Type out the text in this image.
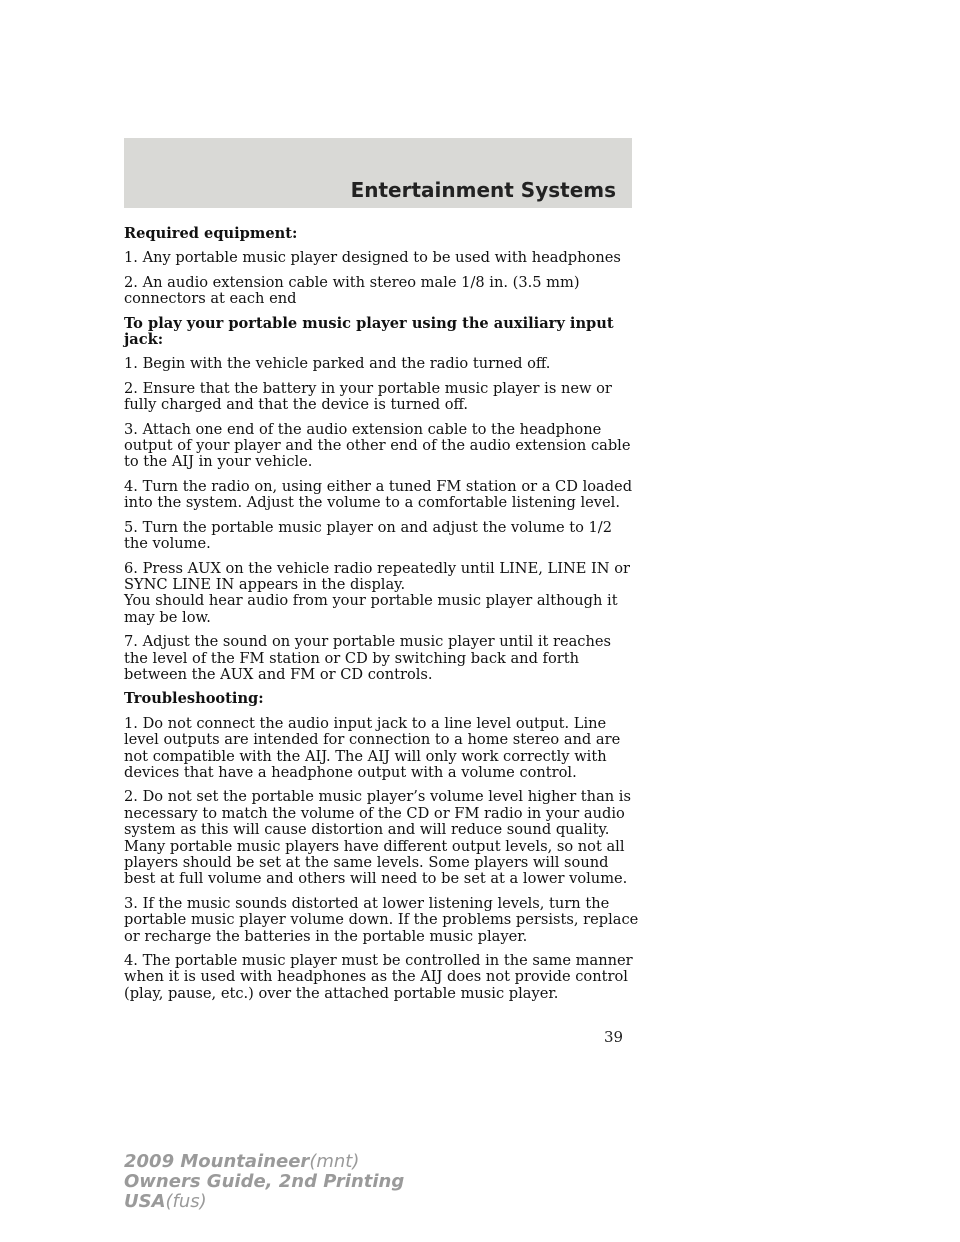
Entertainment Systems

Required equipment:

1. Any portable music player designed to be used with headphones

2. An audio extension cable with stereo male 1/8 in. (3.5 mm) connectors at each end

To play your portable music player using the auxiliary input jack:

1. Begin with the vehicle parked and the radio turned off.

2. Ensure that the battery in your portable music player is new or fully charged and that the device is turned off.

3. Attach one end of the audio extension cable to the headphone output of your player and the other end of the audio extension cable to the AIJ in your vehicle.

4. Turn the radio on, using either a tuned FM station or a CD loaded into the system. Adjust the volume to a comfortable listening level.

5. Turn the portable music player on and adjust the volume to 1/2 the volume.

6. Press AUX on the vehicle radio repeatedly until LINE, LINE IN or SYNC LINE IN appears in the display.
You should hear audio from your portable music player although it may be low.

7. Adjust the sound on your portable music player until it reaches the level of the FM station or CD by switching back and forth between the AUX and FM or CD controls.

Troubleshooting:

1. Do not connect the audio input jack to a line level output. Line level outputs are intended for connection to a home stereo and are not compatible with the AIJ. The AIJ will only work correctly with devices that have a headphone output with a volume control.

2. Do not set the portable music player’s volume level higher than is necessary to match the volume of the CD or FM radio in your audio system as this will cause distortion and will reduce sound quality. Many portable music players have different output levels, so not all players should be set at the same levels. Some players will sound best at full volume and others will need to be set at a lower volume.

3. If the music sounds distorted at lower listening levels, turn the portable music player volume down. If the problems persists, replace or recharge the batteries in the portable music player.

4. The portable music player must be controlled in the same manner when it is used with headphones as the AIJ does not provide control (play, pause, etc.) over the attached portable music player.

39
2009 Mountaineer(mnt)
Owners Guide, 2nd Printing
USA(fus)
